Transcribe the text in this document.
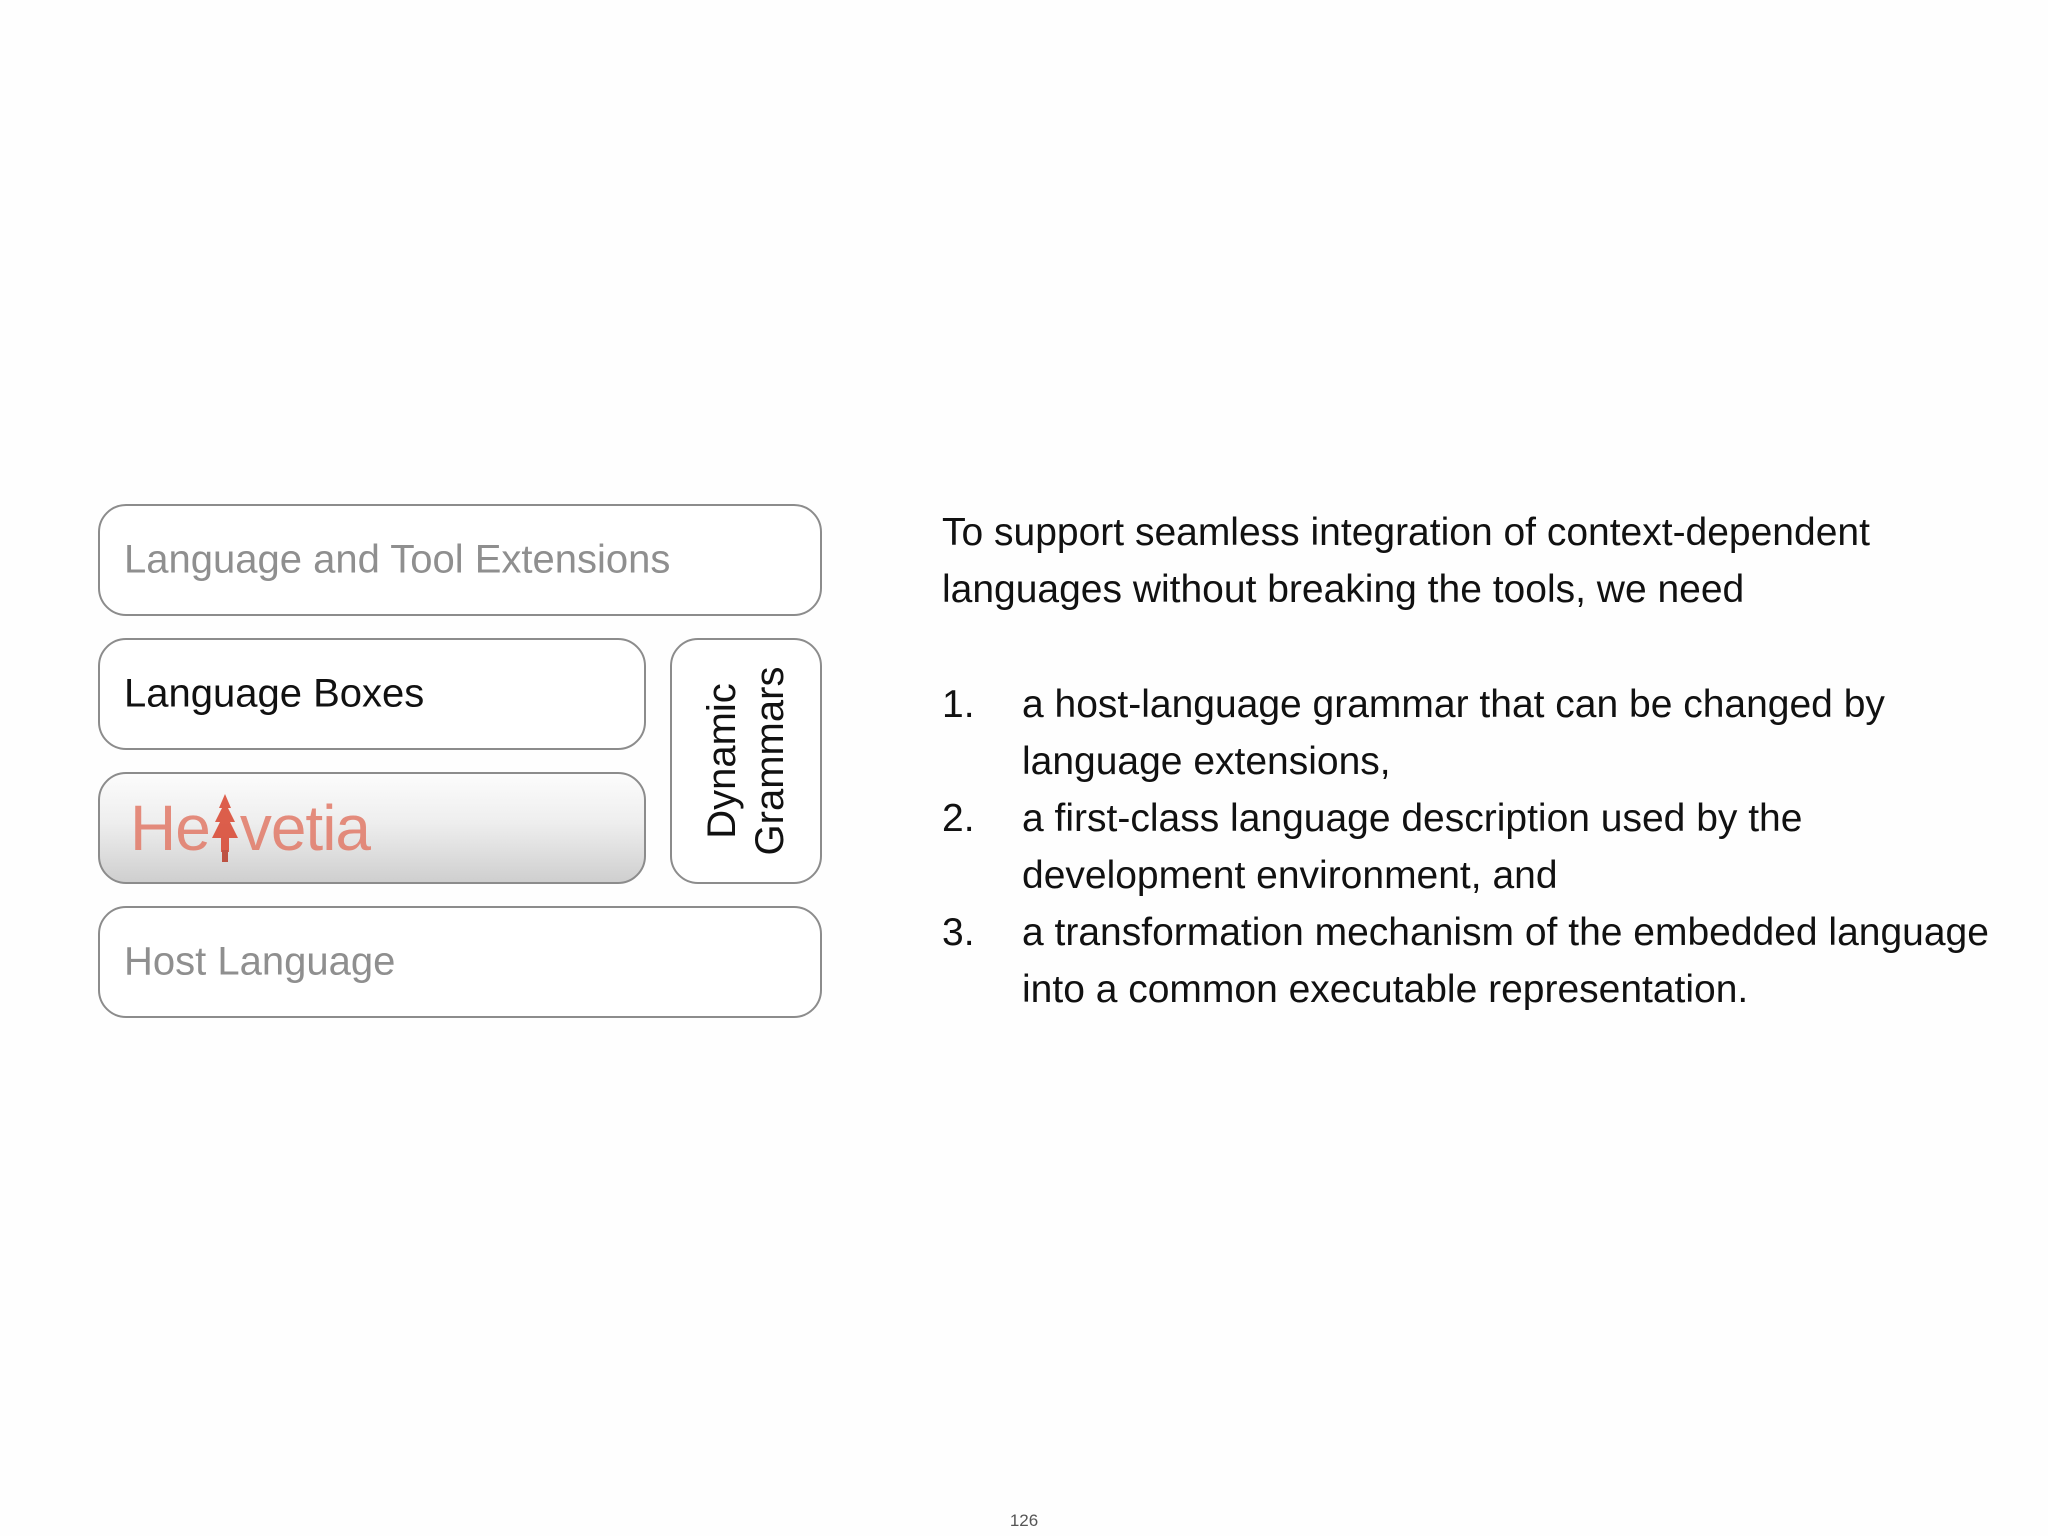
Language and Tool Extensions
Language Boxes
He vetia
Host Language
Dynamic Grammars

To support seamless integration of context-dependent languages without breaking the tools, we need

1. a host-language grammar that can be changed by language extensions,
2. a first-class language description used by the development environment, and
3. a transformation mechanism of the embedded language into a common executable representation.
126
